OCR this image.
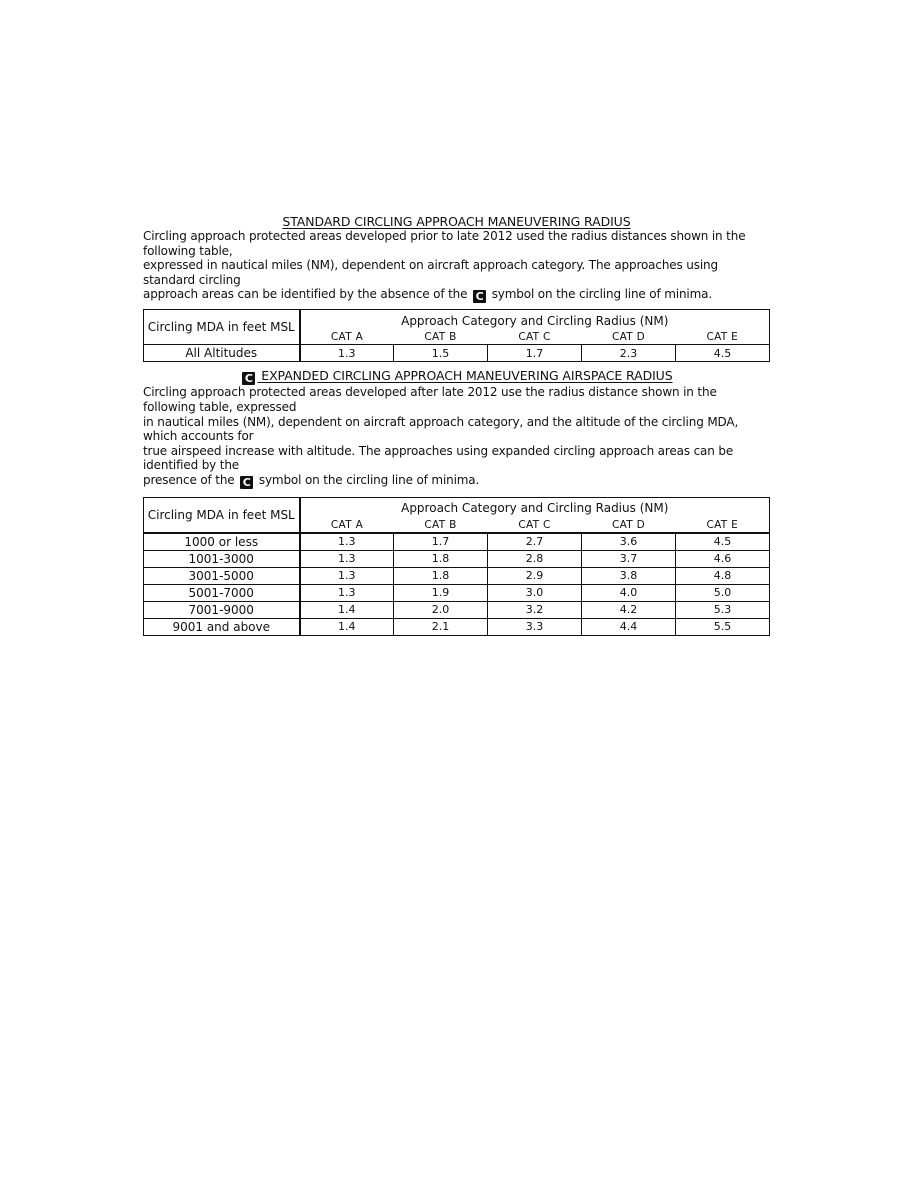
STANDARD CIRCLING APPROACH MANEUVERING RADIUS

Circling approach protected areas developed prior to late 2012 used the radius distances shown in the following table,
expressed in nautical miles (NM), dependent on aircraft approach category. The approaches using standard circling
approach areas can be identified by the absence of the C symbol on the circling line of minima.

Circling MDA in feet MSL	Approach Category and Circling Radius (NM)				
	CAT A	CAT B	CAT C	CAT D	CAT E
All Altitudes	1.3	1.5	1.7	2.3	4.5

C EXPANDED CIRCLING APPROACH MANEUVERING AIRSPACE RADIUS

Circling approach protected areas developed after late 2012 use the radius distance shown in the following table, expressed
in nautical miles (NM), dependent on aircraft approach category, and the altitude of the circling MDA, which accounts for
true airspeed increase with altitude. The approaches using expanded circling approach areas can be identified by the
presence of the C symbol on the circling line of minima.

Circling MDA in feet MSL	Approach Category and Circling Radius (NM)				
	CAT A	CAT B	CAT C	CAT D	CAT E
1000 or less	1.3	1.7	2.7	3.6	4.5
1001-3000	1.3	1.8	2.8	3.7	4.6
3001-5000	1.3	1.8	2.9	3.8	4.8
5001-7000	1.3	1.9	3.0	4.0	5.0
7001-9000	1.4	2.0	3.2	4.2	5.3
9001 and above	1.4	2.1	3.3	4.4	5.5
